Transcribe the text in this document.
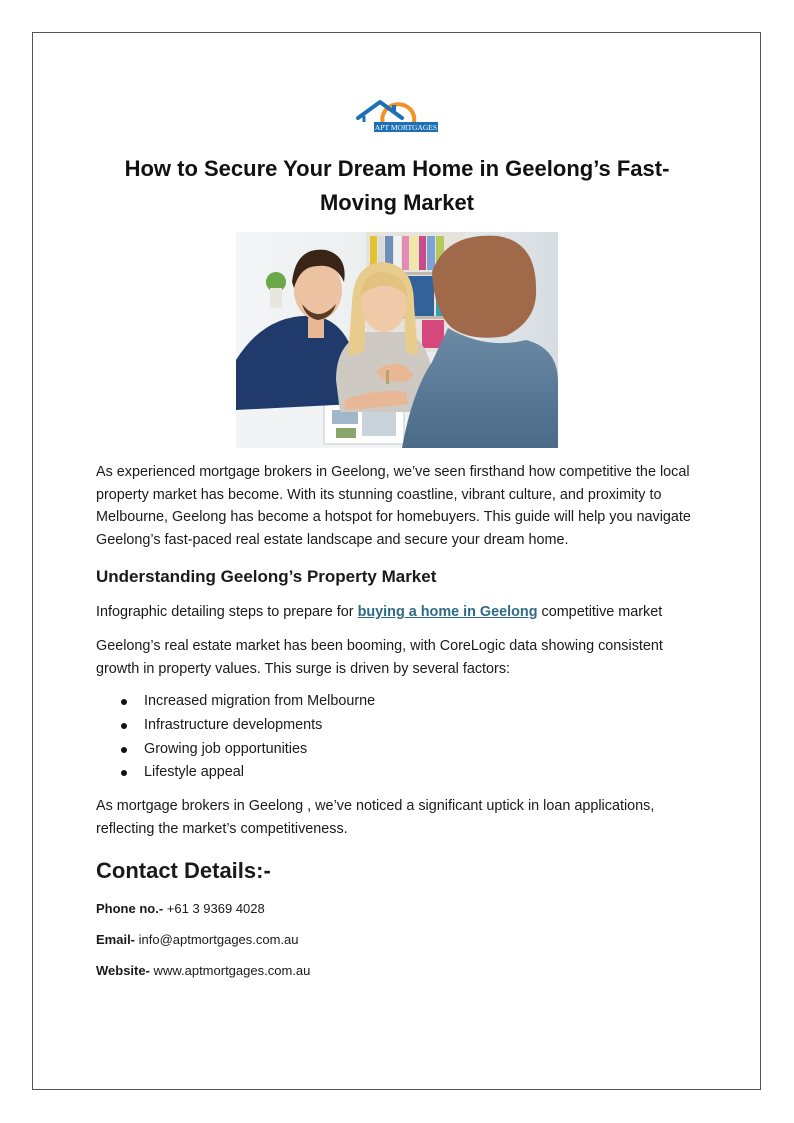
APT MORTGAGES
How to Secure Your Dream Home in Geelong’s Fast-Moving Market

As experienced mortgage brokers in Geelong, we’ve seen firsthand how competitive the local property market has become. With its stunning coastline, vibrant culture, and proximity to Melbourne, Geelong has become a hotspot for homebuyers. This guide will help you navigate Geelong’s fast-paced real estate landscape and secure your dream home.

Understanding Geelong’s Property Market

Infographic detailing steps to prepare for buying a home in Geelong competitive market

Geelong’s real estate market has been booming, with CoreLogic data showing consistent growth in property values. This surge is driven by several factors:

Increased migration from Melbourne
Infrastructure developments
Growing job opportunities
Lifestyle appeal

As mortgage brokers in Geelong , we’ve noticed a significant uptick in loan applications, reflecting the market’s competitiveness.

Contact Details:-

Phone no.- +61 3 9369 4028

Email- info@aptmortgages.com.au

Website- www.aptmortgages.com.au
